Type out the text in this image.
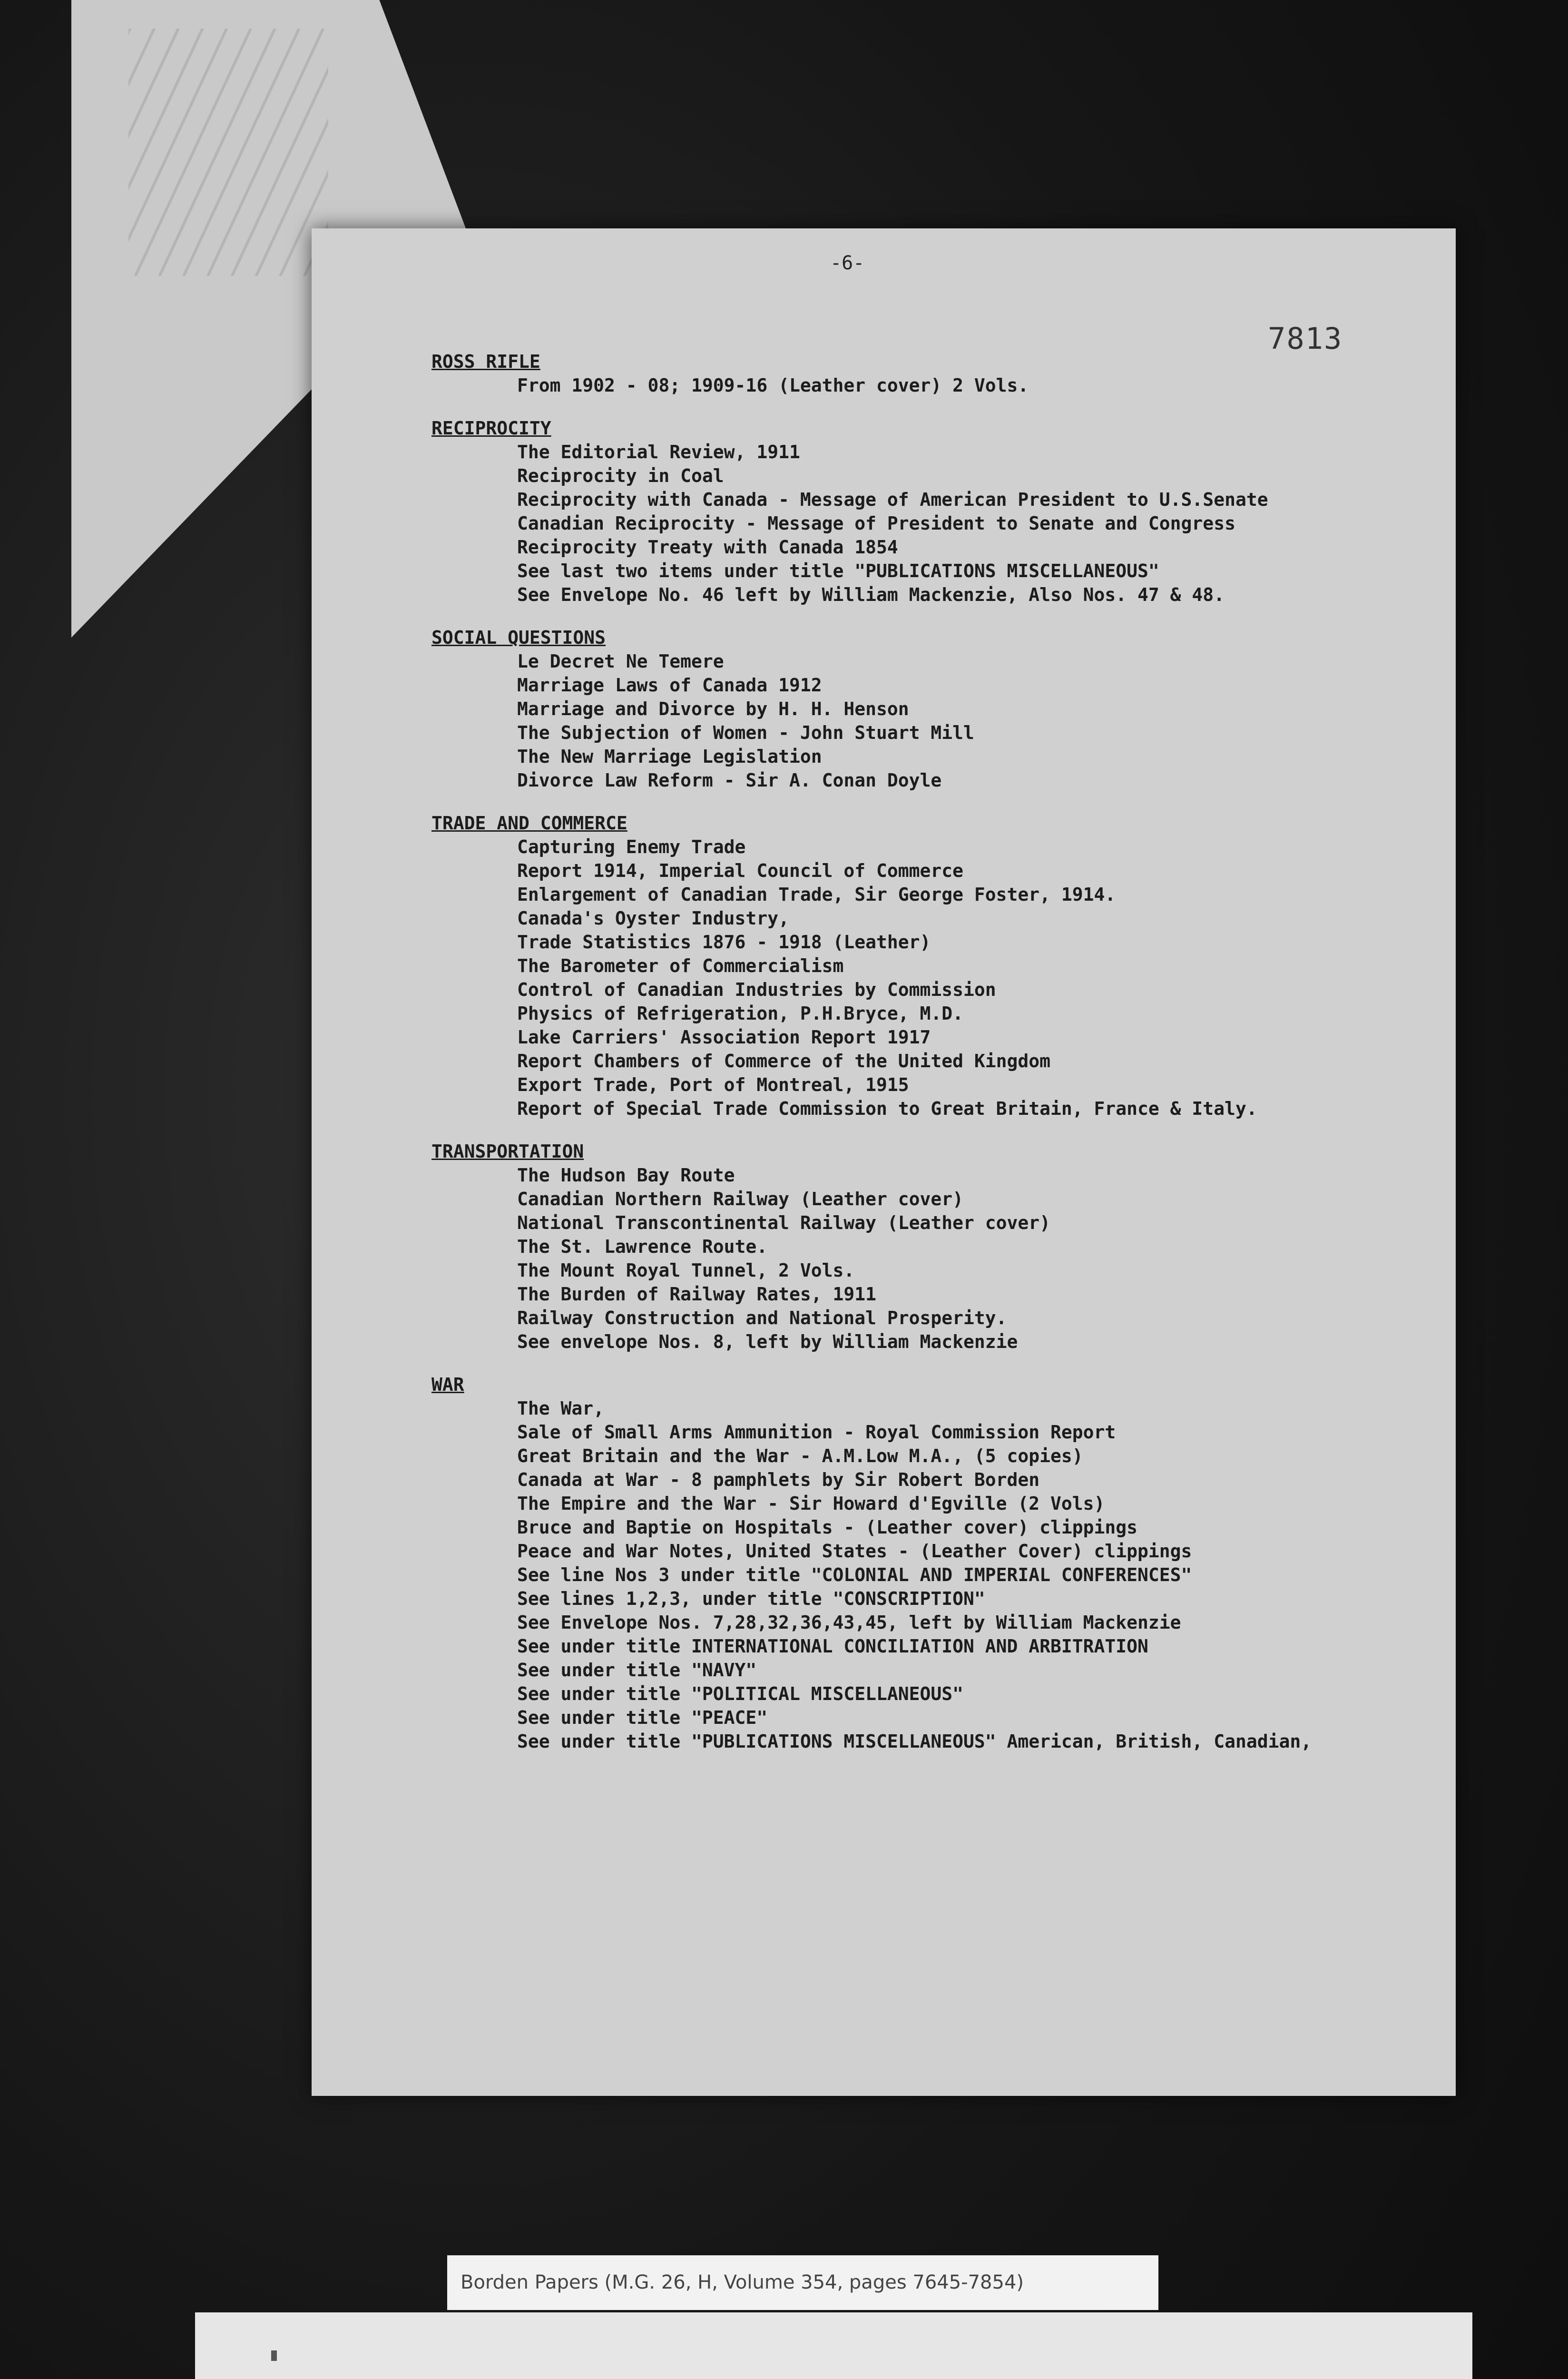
-6-
7813
ROSS RIFLE
From 1902 - 08; 1909-16 (Leather cover) 2 Vols.
RECIPROCITY
The Editorial Review, 1911
Reciprocity in Coal
Reciprocity with Canada - Message of American President to U.S.Senate
Canadian Reciprocity - Message of President to Senate and Congress
Reciprocity Treaty with Canada 1854
See last two items under title "PUBLICATIONS MISCELLANEOUS"
See Envelope No. 46 left by William Mackenzie, Also Nos. 47 & 48.
SOCIAL QUESTIONS
Le Decret Ne Temere
Marriage Laws of Canada 1912
Marriage and Divorce by H. H. Henson
The Subjection of Women - John Stuart Mill
The New Marriage Legislation
Divorce Law Reform - Sir A. Conan Doyle
TRADE AND COMMERCE
Capturing Enemy Trade
Report 1914, Imperial Council of Commerce
Enlargement of Canadian Trade, Sir George Foster, 1914.
Canada's Oyster Industry,
Trade Statistics 1876 - 1918 (Leather)
The Barometer of Commercialism
Control of Canadian Industries by Commission
Physics of Refrigeration, P.H.Bryce, M.D.
Lake Carriers' Association Report 1917
Report Chambers of Commerce of the United Kingdom
Export Trade, Port of Montreal, 1915
Report of Special Trade Commission to Great Britain, France & Italy.
TRANSPORTATION
The Hudson Bay Route
Canadian Northern Railway (Leather cover)
National Transcontinental Railway (Leather cover)
The St. Lawrence Route.
The Mount Royal Tunnel, 2 Vols.
The Burden of Railway Rates, 1911
Railway Construction and National Prosperity.
See envelope Nos. 8, left by William Mackenzie
WAR
The War,
Sale of Small Arms Ammunition - Royal Commission Report
Great Britain and the War - A.M.Low M.A., (5 copies)
Canada at War - 8 pamphlets by Sir Robert Borden
The Empire and the War - Sir Howard d'Egville (2 Vols)
Bruce and Baptie on Hospitals - (Leather cover) clippings
Peace and War Notes, United States - (Leather Cover) clippings
See line Nos 3 under title "COLONIAL AND IMPERIAL CONFERENCES"
See lines 1,2,3, under title "CONSCRIPTION"
See Envelope Nos. 7,28,32,36,43,45, left by William Mackenzie
See under title INTERNATIONAL CONCILIATION AND ARBITRATION
See under title "NAVY"
See under title "POLITICAL MISCELLANEOUS"
See under title "PEACE"
See under title "PUBLICATIONS MISCELLANEOUS" American, British, Canadian,
Borden Papers (M.G. 26, H, Volume 354, pages 7645-7854)
